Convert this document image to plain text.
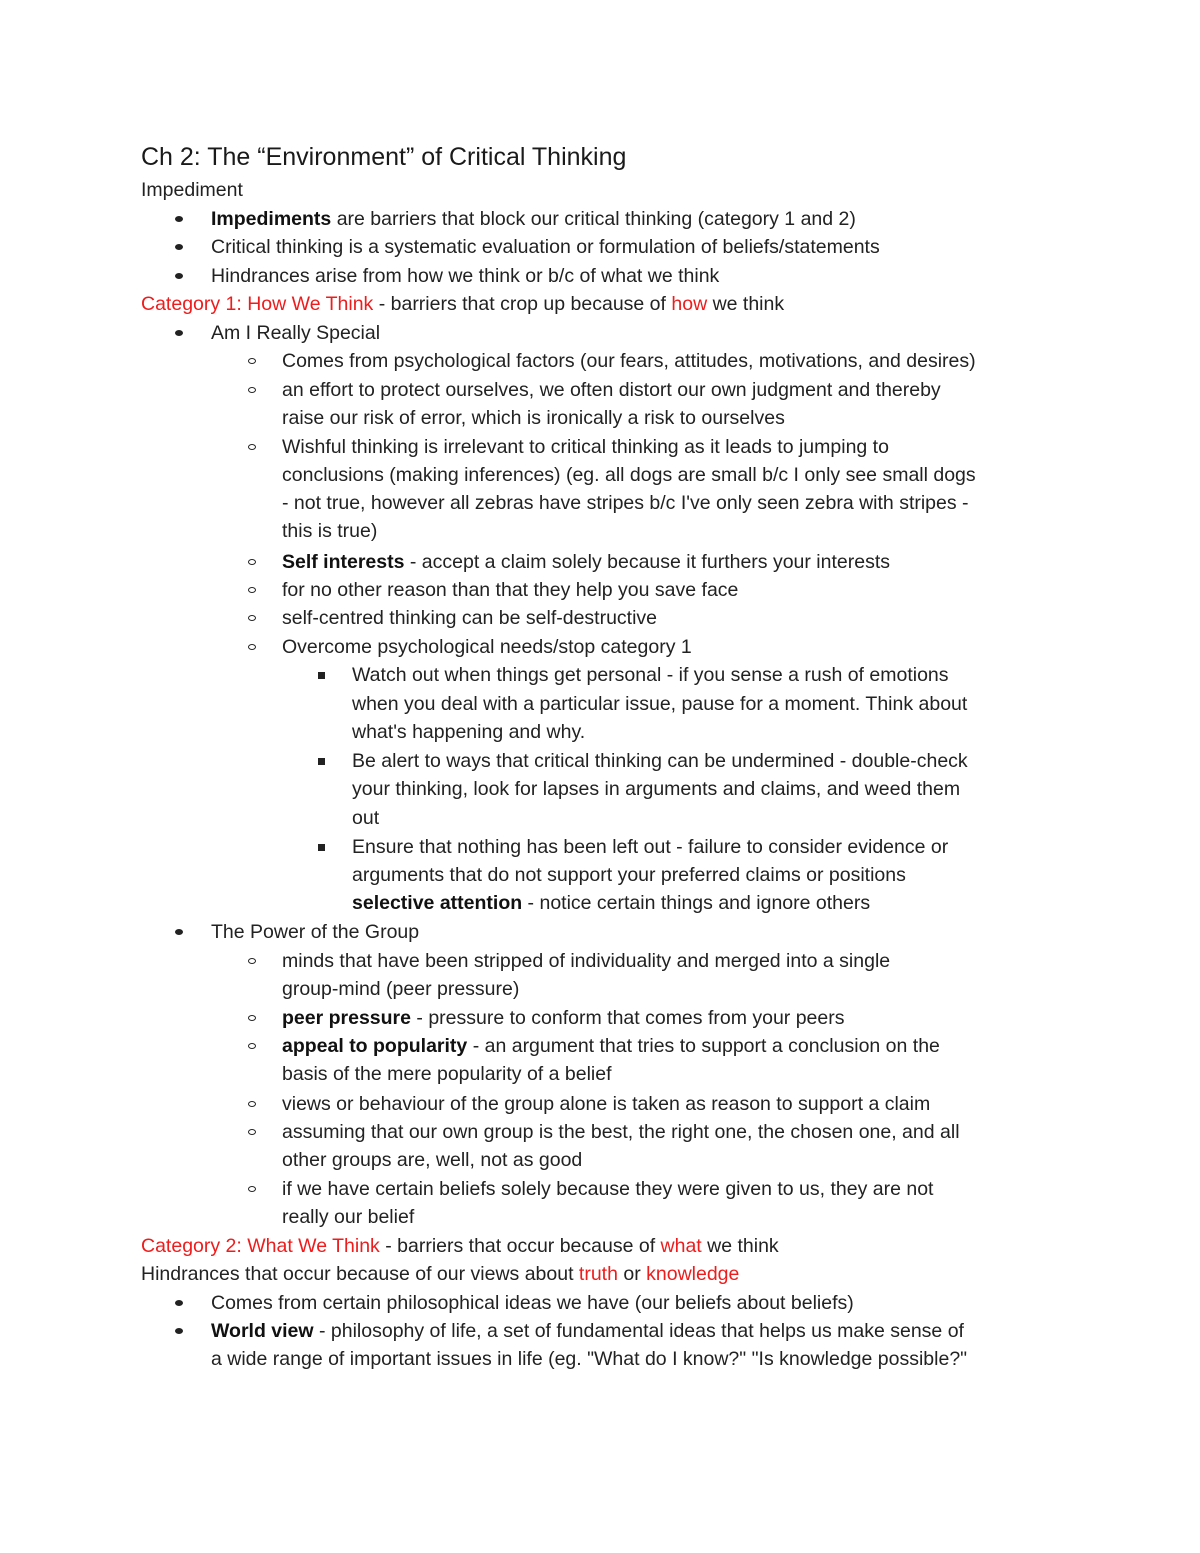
Ch 2: The “Environment” of Critical Thinking
Impediment
Impediments are barriers that block our critical thinking (category 1 and 2)
Critical thinking is a systematic evaluation or formulation of beliefs/statements
Hindrances arise from how we think or b/c of what we think
Category 1: How We Think - barriers that crop up because of how we think
Am I Really Special
Comes from psychological factors (our fears, attitudes, motivations, and desires)
an effort to protect ourselves, we often distort our own judgment and thereby
raise our risk of error, which is ironically a risk to ourselves
Wishful thinking is irrelevant to critical thinking as it leads to jumping to
conclusions (making inferences) (eg. all dogs are small b/c I only see small dogs
- not true, however all zebras have stripes b/c I've only seen zebra with stripes -
this is true)
Self interests - accept a claim solely because it furthers your interests
for no other reason than that they help you save face
self-centred thinking can be self-destructive
Overcome psychological needs/stop category 1
Watch out when things get personal - if you sense a rush of emotions
when you deal with a particular issue, pause for a moment. Think about
what's happening and why.
Be alert to ways that critical thinking can be undermined - double-check
your thinking, look for lapses in arguments and claims, and weed them
out
Ensure that nothing has been left out - failure to consider evidence or
arguments that do not support your preferred claims or positions
selective attention - notice certain things and ignore others
The Power of the Group
minds that have been stripped of individuality and merged into a single
group-mind (peer pressure)
peer pressure - pressure to conform that comes from your peers
appeal to popularity - an argument that tries to support a conclusion on the
basis of the mere popularity of a belief
views or behaviour of the group alone is taken as reason to support a claim
assuming that our own group is the best, the right one, the chosen one, and all
other groups are, well, not as good
if we have certain beliefs solely because they were given to us, they are not
really our belief
Category 2: What We Think - barriers that occur because of what we think
Hindrances that occur because of our views about truth or knowledge
Comes from certain philosophical ideas we have (our beliefs about beliefs)
World view - philosophy of life, a set of fundamental ideas that helps us make sense of
a wide range of important issues in life (eg. "What do I know?" "Is knowledge possible?"
